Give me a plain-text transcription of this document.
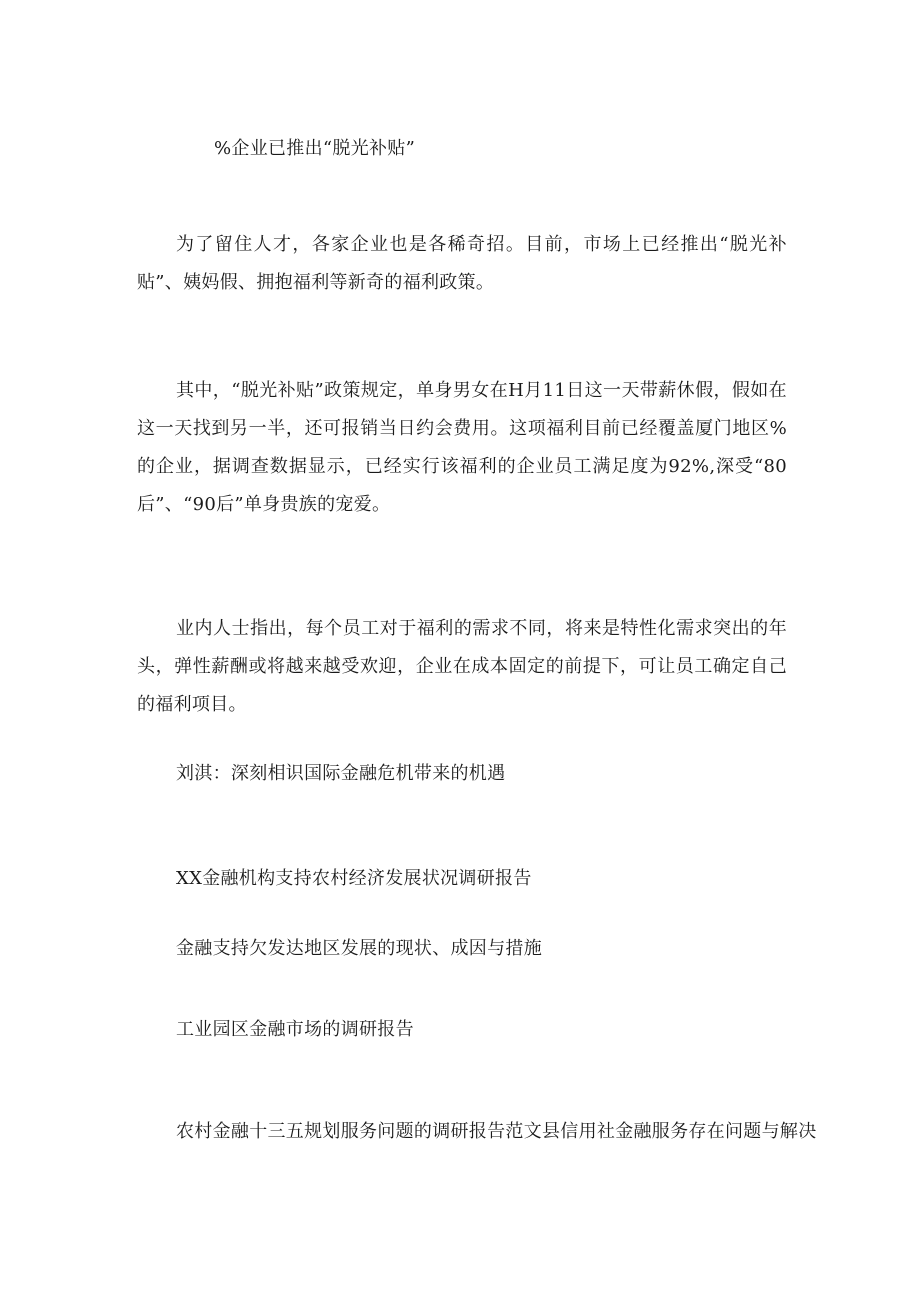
%企业已推出“脱光补贴”
为了留住人才，各家企业也是各稀奇招。目前，市场上已经推出“脱光补贴”、姨妈假、拥抱福利等新奇的福利政策。
其中，“脱光补贴”政策规定，单身男女在H月11日这一天带薪休假，假如在这一天找到另一半，还可报销当日约会费用。这项福利目前已经覆盖厦门地区%的企业，据调查数据显示，已经实行该福利的企业员工满足度为92%,深受“80后”、“90后”单身贵族的宠爱。
业内人士指出，每个员工对于福利的需求不同，将来是特性化需求突出的年头，弹性薪酬或将越来越受欢迎，企业在成本固定的前提下，可让员工确定自己的福利项目。
刘淇：深刻相识国际金融危机带来的机遇
XX金融机构支持农村经济发展状况调研报告
金融支持欠发达地区发展的现状、成因与措施
工业园区金融市场的调研报告
农村金融十三五规划服务问题的调研报告范文县信用社金融服务存在问题与解决
